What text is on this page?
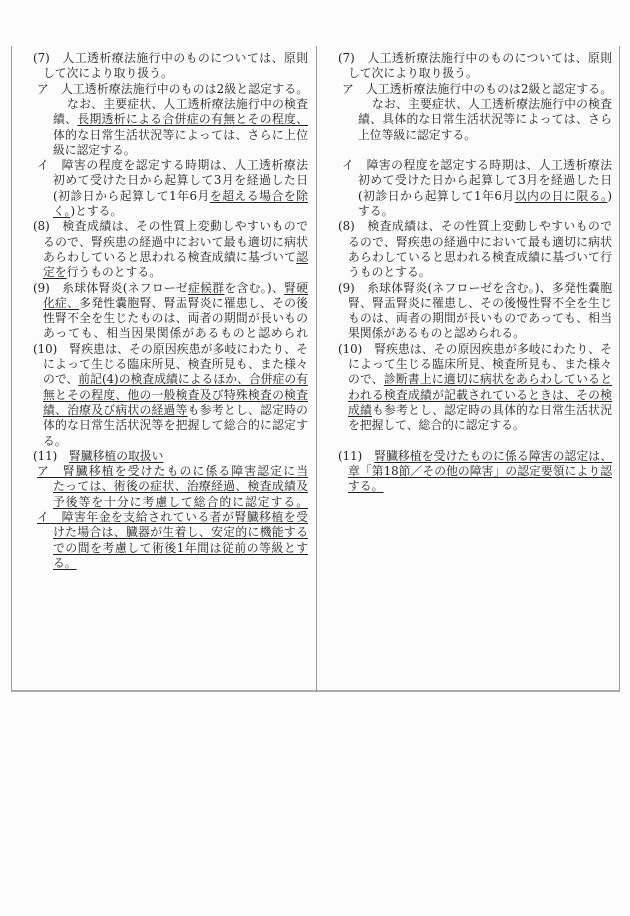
(7)　人工透析療法施行中のものについては、原則
して次により取り扱う。
ア　人工透析療法施行中のものは2級と認定する。
なお、主要症状、人工透析療法施行中の検査
績、長期透析による合併症の有無とその程度、
体的な日常生活状況等によっては、さらに上位
級に認定する。
イ　障害の程度を認定する時期は、人工透析療法
初めて受けた日から起算して3月を経過した日
(初診日から起算して1年6月を超える場合を除
く。)とする。
(8)　検査成績は、その性質上変動しやすいもので
るので、腎疾患の経過中において最も適切に病状
あらわしていると思われる検査成績に基づいて認
定を行うものとする。
(9)　糸球体腎炎(ネフローゼ症候群を含む。)、腎硬
化症、多発性嚢胞腎、腎盂腎炎に罹患し、その後
性腎不全を生じたものは、両者の期間が長いもの
あっても、相当因果関係があるものと認められ
(10)　腎疾患は、その原因疾患が多岐にわたり、そ
によって生じる臨床所見、検査所見も、また様々
ので、前記(4)の検査成績によるほか、合併症の有
無とその程度、他の一般検査及び特殊検査の検査
績、治療及び病状の経過等も参考とし、認定時の
体的な日常生活状況等を把握して総合的に認定す
る。
(11)　腎臓移植の取扱い
ア　腎臓移植を受けたものに係る障害認定に当
たっては、術後の症状、治療経過、検査成績及
予後等を十分に考慮して総合的に認定する。
イ　障害年金を支給されている者が腎臓移植を受
けた場合は、臓器が生着し、安定的に機能する
での間を考慮して術後1年間は従前の等級とす
る。
(7)　人工透析療法施行中のものについては、原則
して次により取り扱う。
ア　人工透析療法施行中のものは2級と認定する。
なお、主要症状、人工透析療法施行中の検査
績、具体的な日常生活状況等によっては、さら
上位等級に認定する。
イ　障害の程度を認定する時期は、人工透析療法
初めて受けた日から起算して3月を経過した日
(初診日から起算して1年6月以内の日に限る。)
する。
(8)　検査成績は、その性質上変動しやすいもので
るので、腎疾患の経過中において最も適切に病状
あらわしていると思われる検査成績に基づいて行
うものとする。
(9)　糸球体腎炎(ネフローゼを含む。)、多発性嚢胞
腎、腎盂腎炎に罹患し、その後慢性腎不全を生じ
ものは、両者の期間が長いものであっても、相当
果関係があるものと認められる。
(10)　腎疾患は、その原因疾患が多岐にわたり、そ
によって生じる臨床所見、検査所見も、また様々
ので、診断書上に適切に病状をあらわしていると
われる検査成績が記載されているときは、その検
成績も参考とし、認定時の具体的な日常生活状況
を把握して、総合的に認定する。
(11)　腎臓移植を受けたものに係る障害の認定は、
章「第18節／その他の障害」の認定要領により認
する。
